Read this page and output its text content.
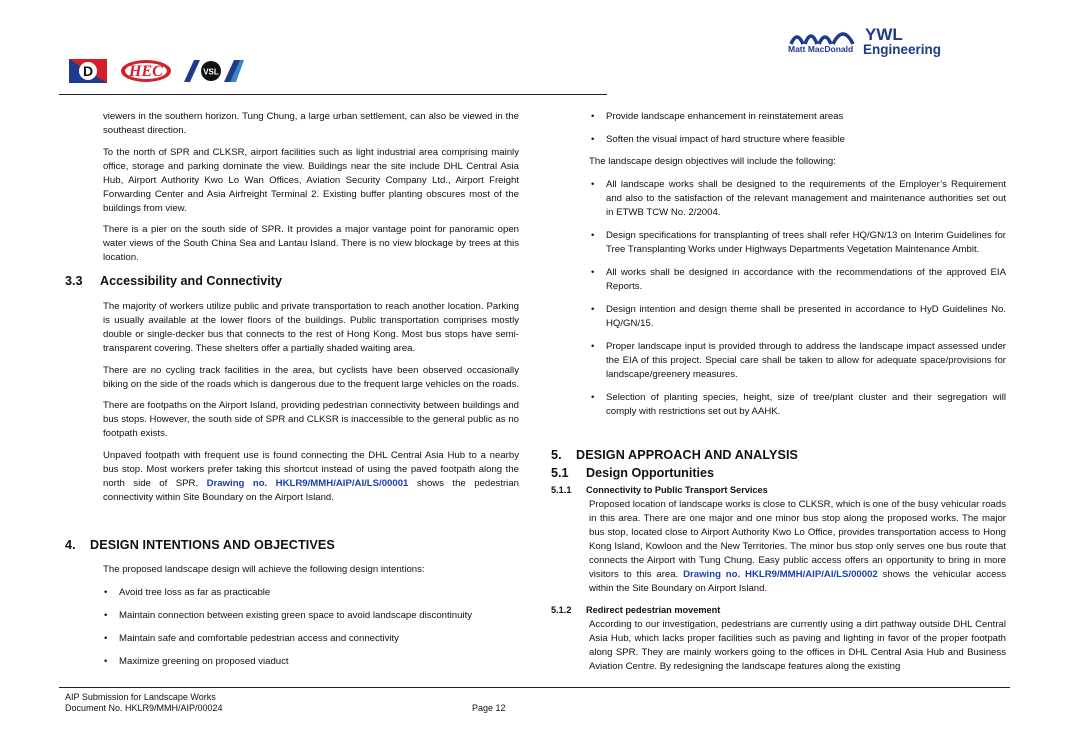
D HEC	VSL
Matt MacDonald
YWL
Engineering

viewers in the southern horizon. Tung Chung, a large urban settlement, can also be viewed in the southeast direction.

To the north of SPR and CLKSR, airport facilities such as light industrial area comprising mainly office, storage and parking dominate the view. Buildings near the site include DHL Central Asia Hub, Airport Authority Kwo Lo Wan Offices, Aviation Security Company Ltd., Airport Freight Forwarding Center and Asia Airfreight Terminal 2. Existing buffer planting obscures most of the buildings from view.

There is a pier on the south side of SPR. It provides a major vantage point for panoramic open water views of the South China Sea and Lantau Island. There is no view blockage by trees at this location.

3.3	Accessibility and Connectivity

The majority of workers utilize public and private transportation to reach another location. Parking is usually available at the lower floors of the buildings. Public transportation comprises mostly double or single-decker bus that connects to the rest of Hong Kong. Most bus stops have semi-transparent covering. These shelters offer a partially shaded waiting area.

There are no cycling track facilities in the area, but cyclists have been observed occasionally biking on the side of the roads which is dangerous due to the frequent large vehicles on the roads.

There are footpaths on the Airport Island, providing pedestrian connectivity between buildings and bus stops. However, the south side of SPR and CLKSR is inaccessible to the general public as no footpath exists.

Unpaved footpath with frequent use is found connecting the DHL Central Asia Hub to a nearby bus stop. Most workers prefer taking this shortcut instead of using the paved footpath along the north side of SPR. Drawing no. HKLR9/MMH/AIP/AI/LS/00001 shows the pedestrian connectivity within Site Boundary on the Airport Island.

4.	DESIGN INTENTIONS AND OBJECTIVES

The proposed landscape design will achieve the following design intentions:

• Avoid tree loss as far as practicable
• Maintain connection between existing green space to avoid landscape discontinuity
• Maintain safe and comfortable pedestrian access and connectivity
• Maximize greening on proposed viaduct
• Provide landscape enhancement in reinstatement areas
• Soften the visual impact of hard structure where feasible

The landscape design objectives will include the following:

• All landscape works shall be designed to the requirements of the Employer’s Requirement and also to the satisfaction of the relevant management and maintenance authorities set out in ETWB TCW No. 2/2004.
• Design specifications for transplanting of trees shall refer HQ/GN/13 on Interim Guidelines for Tree Transplanting Works under Highways Departments Vegetation Maintenance Ambit.
• All works shall be designed in accordance with the recommendations of the approved EIA Reports.
• Design intention and design theme shall be presented in accordance to HyD Guidelines No. HQ/GN/15.
• Proper landscape input is provided through to address the landscape impact assessed under the EIA of this project. Special care shall be taken to allow for adequate space/provisions for landscape/greenery measures.
• Selection of planting species, height, size of tree/plant cluster and their segregation will comply with restrictions set out by AAHK.
5.	DESIGN APPROACH AND ANALYSIS
5.1	Design Opportunities
5.1.1	Connectivity to Public Transport Services

Proposed location of landscape works is close to CLKSR, which is one of the busy vehicular roads in this area. There are one major and one minor bus stop along the proposed works. The major bus stop, located close to Airport Authority Kwo Lo Office, provides transportation access to Hong Kong Island, Kowloon and the New Territories. The minor bus stop only serves one bus route that connects the Airport with Tung Chung. Easy public access offers an opportunity to bring in more visitors to this area. Drawing no. HKLR9/MMH/AIP/AI/LS/00002 shows the vehicular access within the Site Boundary on Airport Island.

5.1.2	Redirect pedestrian movement

According to our investigation, pedestrians are currently using a dirt pathway outside DHL Central Asia Hub, which lacks proper facilities such as paving and lighting in favor of the proper footpath along SPR. They are mainly workers going to the offices in DHL Central Asia Hub and Business Aviation Centre. By redesigning the landscape features along the existing

AIP Submission for Landscape Works
Document No. HKLR9/MMH/AIP/00024	Page 12
